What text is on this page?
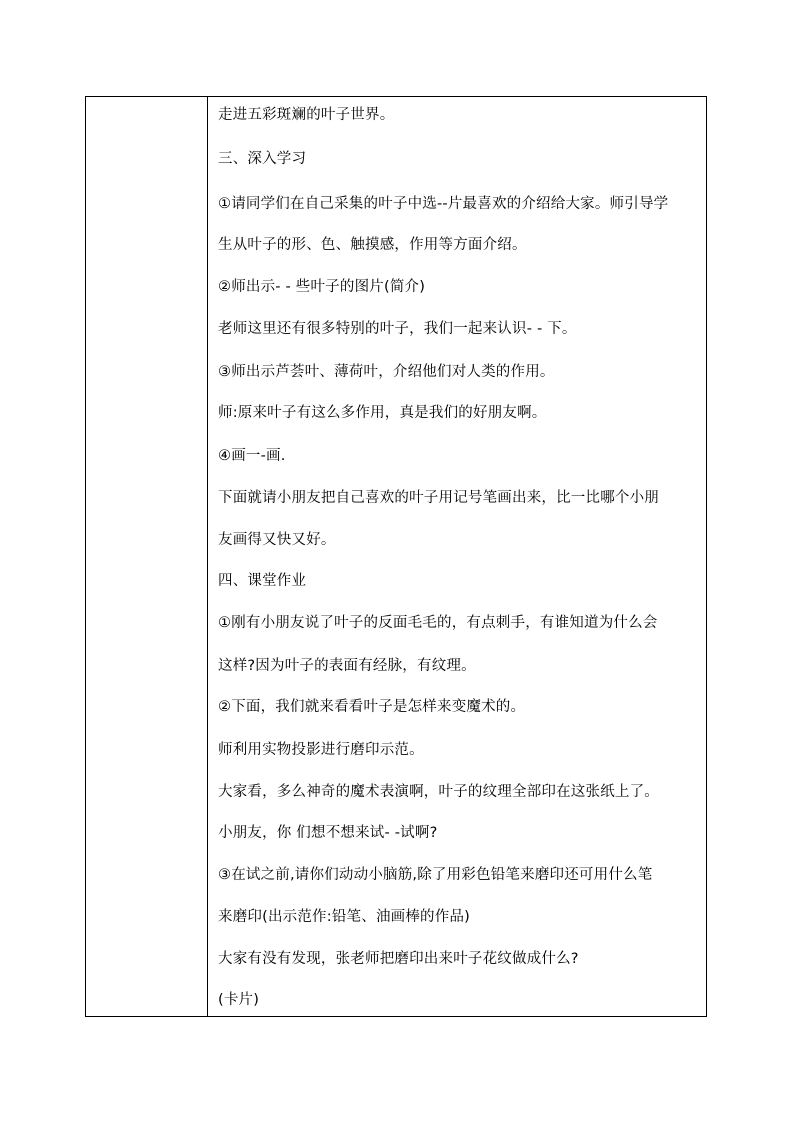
走进五彩斑斓的叶子世界。
三、深入学习
①请同学们在自己采集的叶子中选--片最喜欢的介绍给大家。师引导学
生从叶子的形、色、触摸感，作用等方面介绍。
②师出示- - 些叶子的图片(简介)
老师这里还有很多特别的叶子，我们一起来认识- - 下。
③师出示芦荟叶、薄荷叶，介绍他们对人类的作用。
师:原来叶子有这么多作用，真是我们的好朋友啊。
④画一-画.
下面就请小朋友把自己喜欢的叶子用记号笔画出来，比一比哪个小朋
友画得又快又好。
四、课堂作业
①刚有小朋友说了叶子的反面毛毛的，有点刺手，有谁知道为什么会
这样?因为叶子的表面有经脉，有纹理。
②下面，我们就来看看叶子是怎样来变魔术的。
师利用实物投影进行磨印示范。
大家看，多么神奇的魔术表演啊，叶子的纹理全部印在这张纸上了。
小朋友，你 们想不想来试- -试啊?
③在试之前,请你们动动小脑筋,除了用彩色铅笔来磨印还可用什么笔
来磨印(出示范作:铅笔、油画棒的作品)
大家有没有发现，张老师把磨印出来叶子花纹做成什么?
(卡片)
